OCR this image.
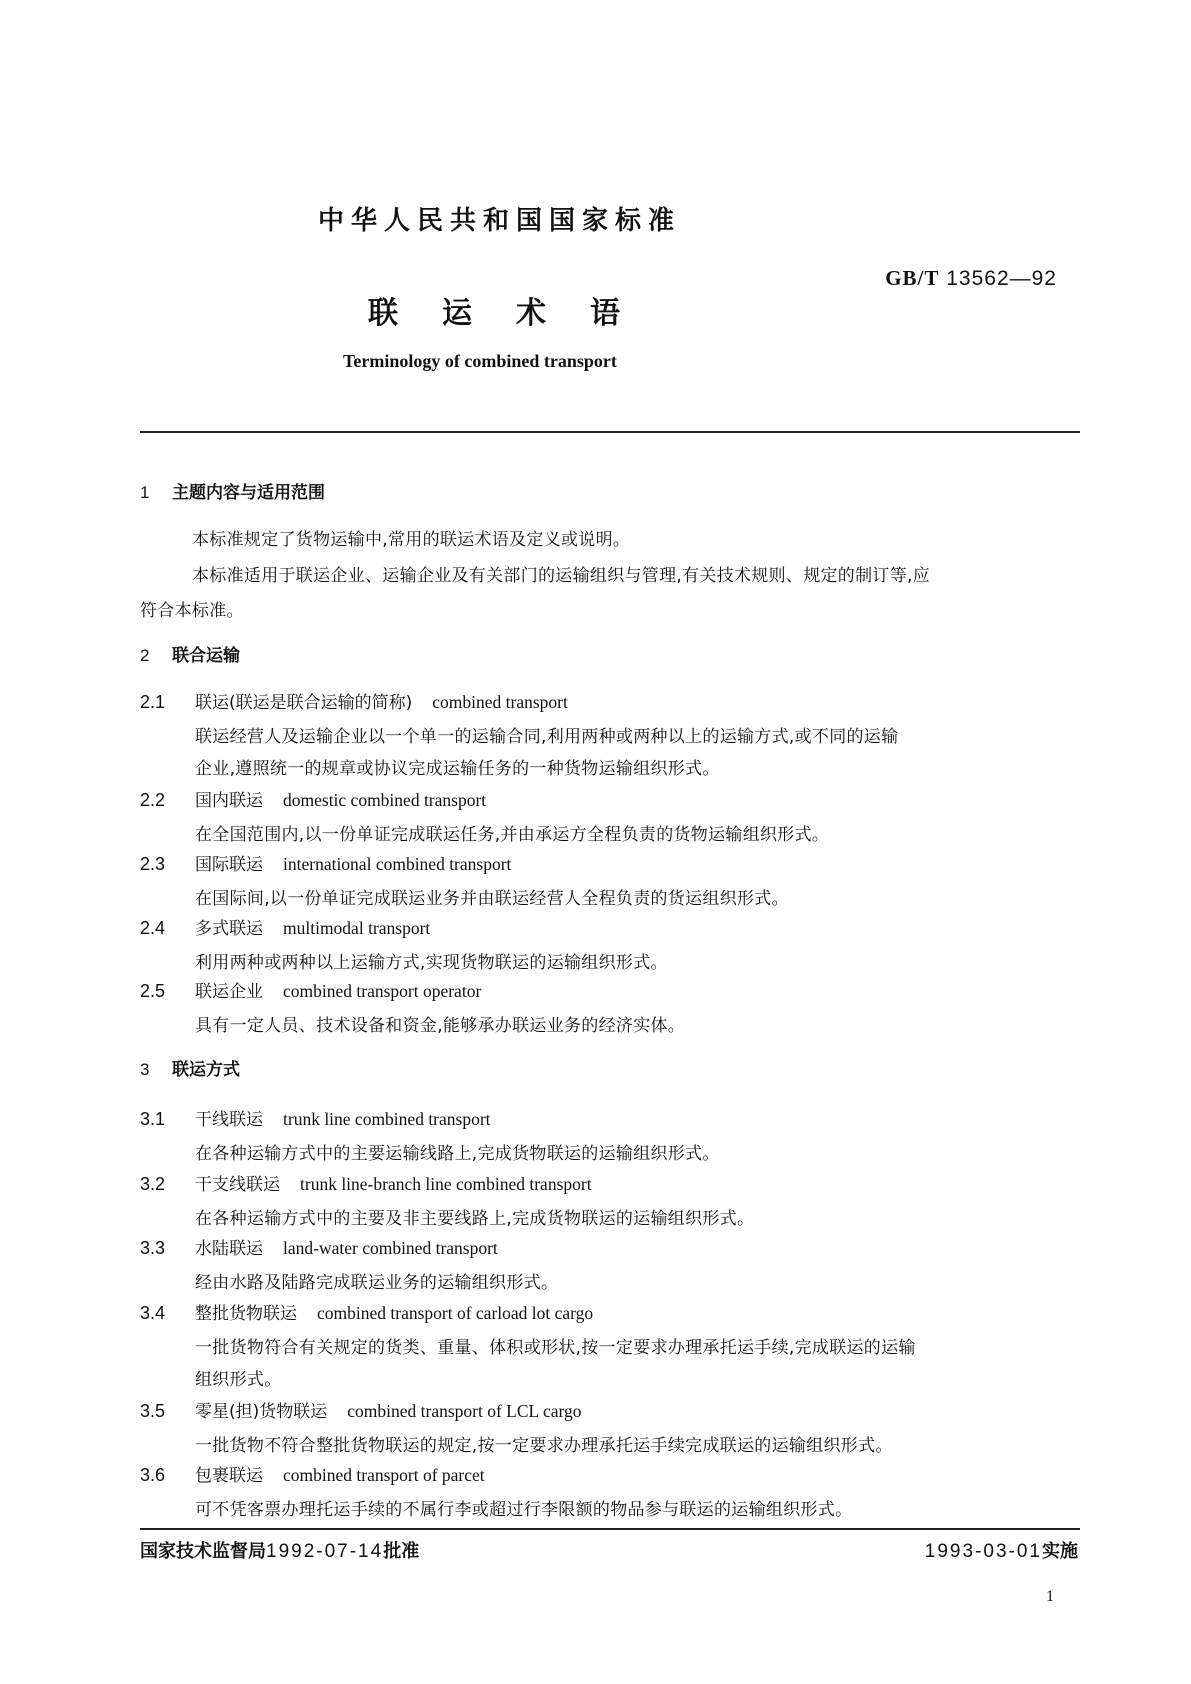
中华人民共和国国家标准
GB/T 13562—92
联运术语
Terminology of combined transport
1 主题内容与适用范围
本标准规定了货物运输中,常用的联运术语及定义或说明。
本标准适用于联运企业、运输企业及有关部门的运输组织与管理,有关技术规则、规定的制订等,应
符合本标准。
2 联合运输
2.1 联运(联运是联合运输的简称) combined transport
联运经营人及运输企业以一个单一的运输合同,利用两种或两种以上的运输方式,或不同的运输
企业,遵照统一的规章或协议完成运输任务的一种货物运输组织形式。
2.2 国内联运 domestic combined transport
在全国范围内,以一份单证完成联运任务,并由承运方全程负责的货物运输组织形式。
2.3 国际联运 international combined transport
在国际间,以一份单证完成联运业务并由联运经营人全程负责的货运组织形式。
2.4 多式联运 multimodal transport
利用两种或两种以上运输方式,实现货物联运的运输组织形式。
2.5 联运企业 combined transport operator
具有一定人员、技术设备和资金,能够承办联运业务的经济实体。
3 联运方式
3.1 干线联运 trunk line combined transport
在各种运输方式中的主要运输线路上,完成货物联运的运输组织形式。
3.2 干支线联运 trunk line-branch line combined transport
在各种运输方式中的主要及非主要线路上,完成货物联运的运输组织形式。
3.3 水陆联运 land-water combined transport
经由水路及陆路完成联运业务的运输组织形式。
3.4 整批货物联运 combined transport of carload lot cargo
一批货物符合有关规定的货类、重量、体积或形状,按一定要求办理承托运手续,完成联运的运输
组织形式。
3.5 零星(担)货物联运 combined transport of LCL cargo
一批货物不符合整批货物联运的规定,按一定要求办理承托运手续完成联运的运输组织形式。
3.6 包裹联运 combined transport of parcet
可不凭客票办理托运手续的不属行李或超过行李限额的物品参与联运的运输组织形式。
国家技术监督局1992-07-14批准	1993-03-01实施
1
